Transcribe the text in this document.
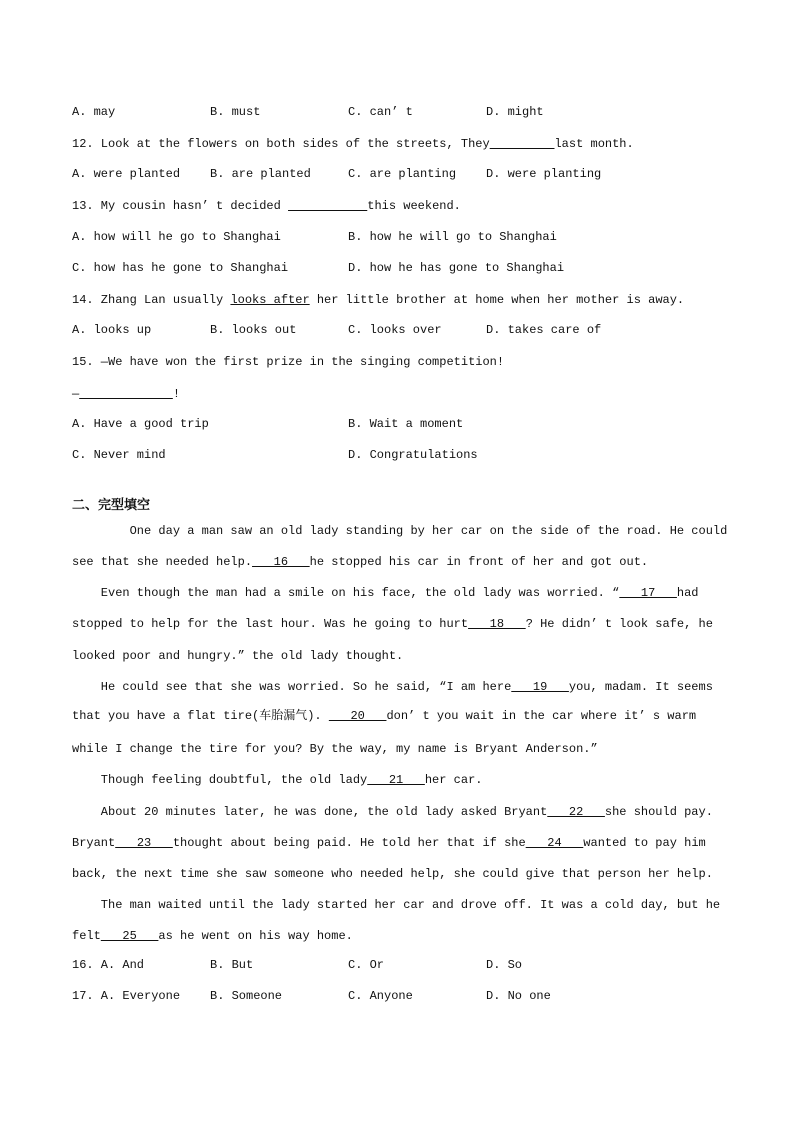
二、完型填空
A. may	B. must	C. can’ t	D. might
12. Look at the flowers on both sides of the streets, They	last month.
A. were planted B. are planted	C. are planting D. were planting
13. My cousin hasn’ t decided	this weekend.
A. how will he go to Shanghai	B. how he will go to Shanghai
C. how has he gone to Shanghai	D. how he has gone to Shanghai
14. Zhang Lan usually looks after her little brother at home when her mother is away.
A. looks up	B. looks out	C. looks over	D. takes care of
15. —We have won the first prize in the singing competition!
—	!
A. Have a good trip	B. Wait a moment
C. Never mind	D. Congratulations
One day a man saw an old lady standing by her car on the side of the road. He could
see that she needed help.   16   he stopped his car in front of her and got out.
Even though the man had a smile on his face, the old lady was worried. “   17   had
stopped to help for the last hour. Was he going to hurt   18   ? He didn’ t look safe, he
looked poor and hungry.” the old lady thought.
He could see that she was worried. So he said, “I am here   19   you, madam. It seems
that you have a flat tire(车胎漏气).    20   don’ t you wait in the car where it’ s warm
while I change the tire for you? By the way, my name is Bryant Anderson.”
Though feeling doubtful, the old lady   21   her car.
About 20 minutes later, he was done, the old lady asked Bryant   22   she should pay.
Bryant   23   thought about being paid. He told her that if she   24   wanted to pay him
back, the next time she saw someone who needed help, she could give that person her help.
The man waited until the lady started her car and drove off. It was a cold day, but he
felt   25   as he went on his way home.
16. A. And	B. But	C. Or	D. So
17. A. Everyone B. Someone	C. Anyone	D. No one
